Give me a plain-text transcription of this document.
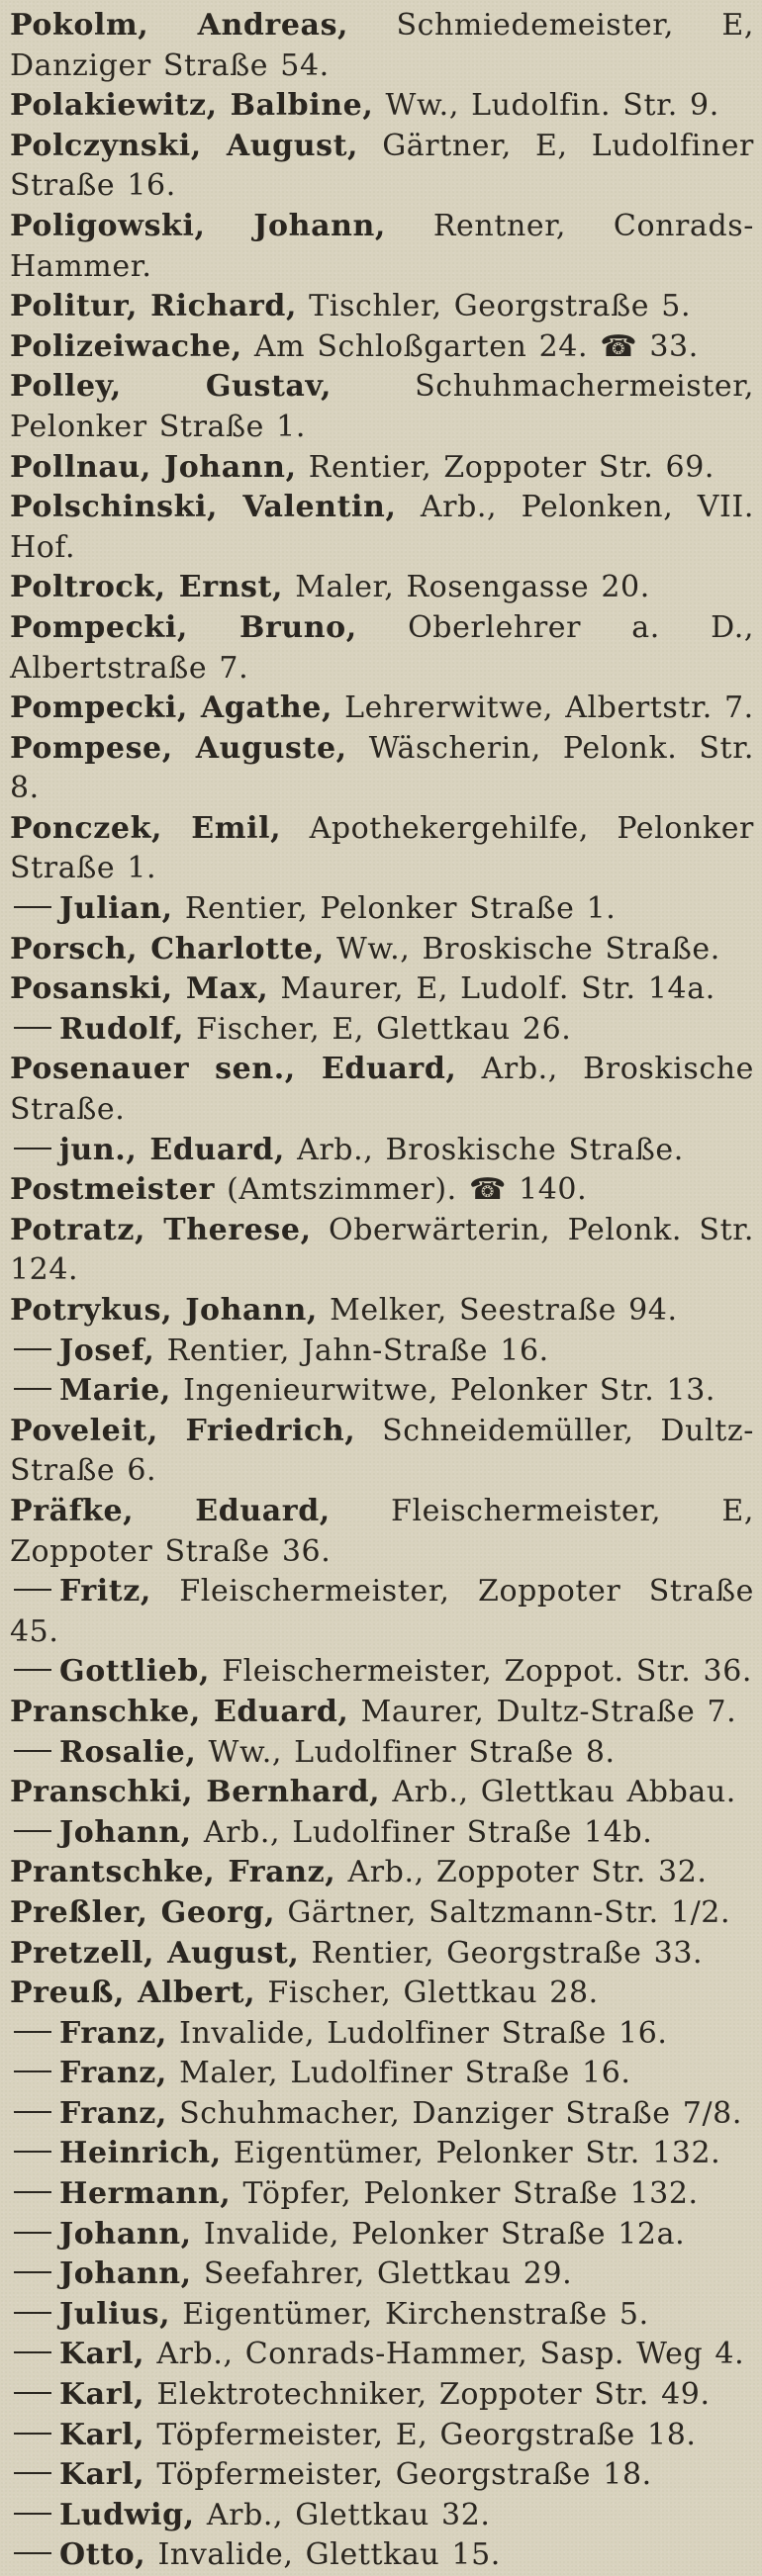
Pokolm, Andreas, Schmiedemeister, E, Danziger Straße 54.
Polakiewitz, Balbine, Ww., Ludolfin. Str. 9.
Polczynski, August, Gärtner, E, Ludolfiner Straße 16.
Poligowski, Johann, Rentner, Conrads-Hammer.
Politur, Richard, Tischler, Georgstraße 5.
Polizeiwache, Am Schloßgarten 24. ☎ 33.
Polley, Gustav,	Schuhmachermeister, Pelonker Straße 1.
Pollnau, Johann, Rentier, Zoppoter Str. 69.
Polschinski, Valentin, Arb., Pelonken, VII. Hof.
Poltrock, Ernst, Maler, Rosengasse 20.
Pompecki, Bruno, Oberlehrer a. D., Albertstraße 7.
Pompecki, Agathe, Lehrerwitwe, Albertstr. 7.
Pompese, Auguste, Wäscherin, Pelonk. Str. 8.
Ponczek, Emil, Apothekergehilfe, Pelonker Straße 1.
Julian, Rentier, Pelonker Straße 1.
Porsch, Charlotte, Ww., Broskische Straße.
Posanski, Max, Maurer, E, Ludolf. Str. 14a.
Rudolf, Fischer, E, Glettkau 26.
Posenauer sen., Eduard, Arb., Broskische Straße.
jun., Eduard, Arb., Broskische Straße.
Postmeister (Amtszimmer). ☎ 140.
Potratz, Therese, Oberwärterin, Pelonk. Str. 124.
Potrykus, Johann, Melker, Seestraße 94.
Josef, Rentier, Jahn-Straße 16.
Marie, Ingenieurwitwe, Pelonker Str. 13.
Poveleit, Friedrich, Schneidemüller, Dultz-Straße 6.
Präfke, Eduard, Fleischermeister, E, Zoppoter Straße 36.
Fritz, Fleischermeister, Zoppoter Straße 45.
Gottlieb, Fleischermeister, Zoppot. Str. 36.
Pranschke, Eduard, Maurer, Dultz-Straße 7.
Rosalie, Ww., Ludolfiner Straße 8.
Pranschki, Bernhard, Arb., Glettkau Abbau.
Johann, Arb., Ludolfiner Straße 14b.
Prantschke, Franz, Arb., Zoppoter Str. 32.
Preßler, Georg, Gärtner, Saltzmann-Str. 1/2.
Pretzell, August, Rentier, Georgstraße 33.
Preuß, Albert, Fischer, Glettkau 28.
Franz, Invalide, Ludolfiner Straße 16.
Franz, Maler, Ludolfiner Straße 16.
Franz, Schuhmacher, Danziger Straße 7/8.
Heinrich, Eigentümer, Pelonker Str. 132.
Hermann, Töpfer, Pelonker Straße 132.
Johann, Invalide, Pelonker Straße 12a.
Johann, Seefahrer, Glettkau 29.
Julius, Eigentümer, Kirchenstraße 5.
Karl, Arb., Conrads-Hammer, Sasp. Weg 4.
Karl, Elektrotechniker, Zoppoter Str. 49.
Karl, Töpfermeister, E, Georgstraße 18.
Karl, Töpfermeister, Georgstraße 18.
Ludwig, Arb., Glettkau 32.
Otto, Invalide, Glettkau 15.
